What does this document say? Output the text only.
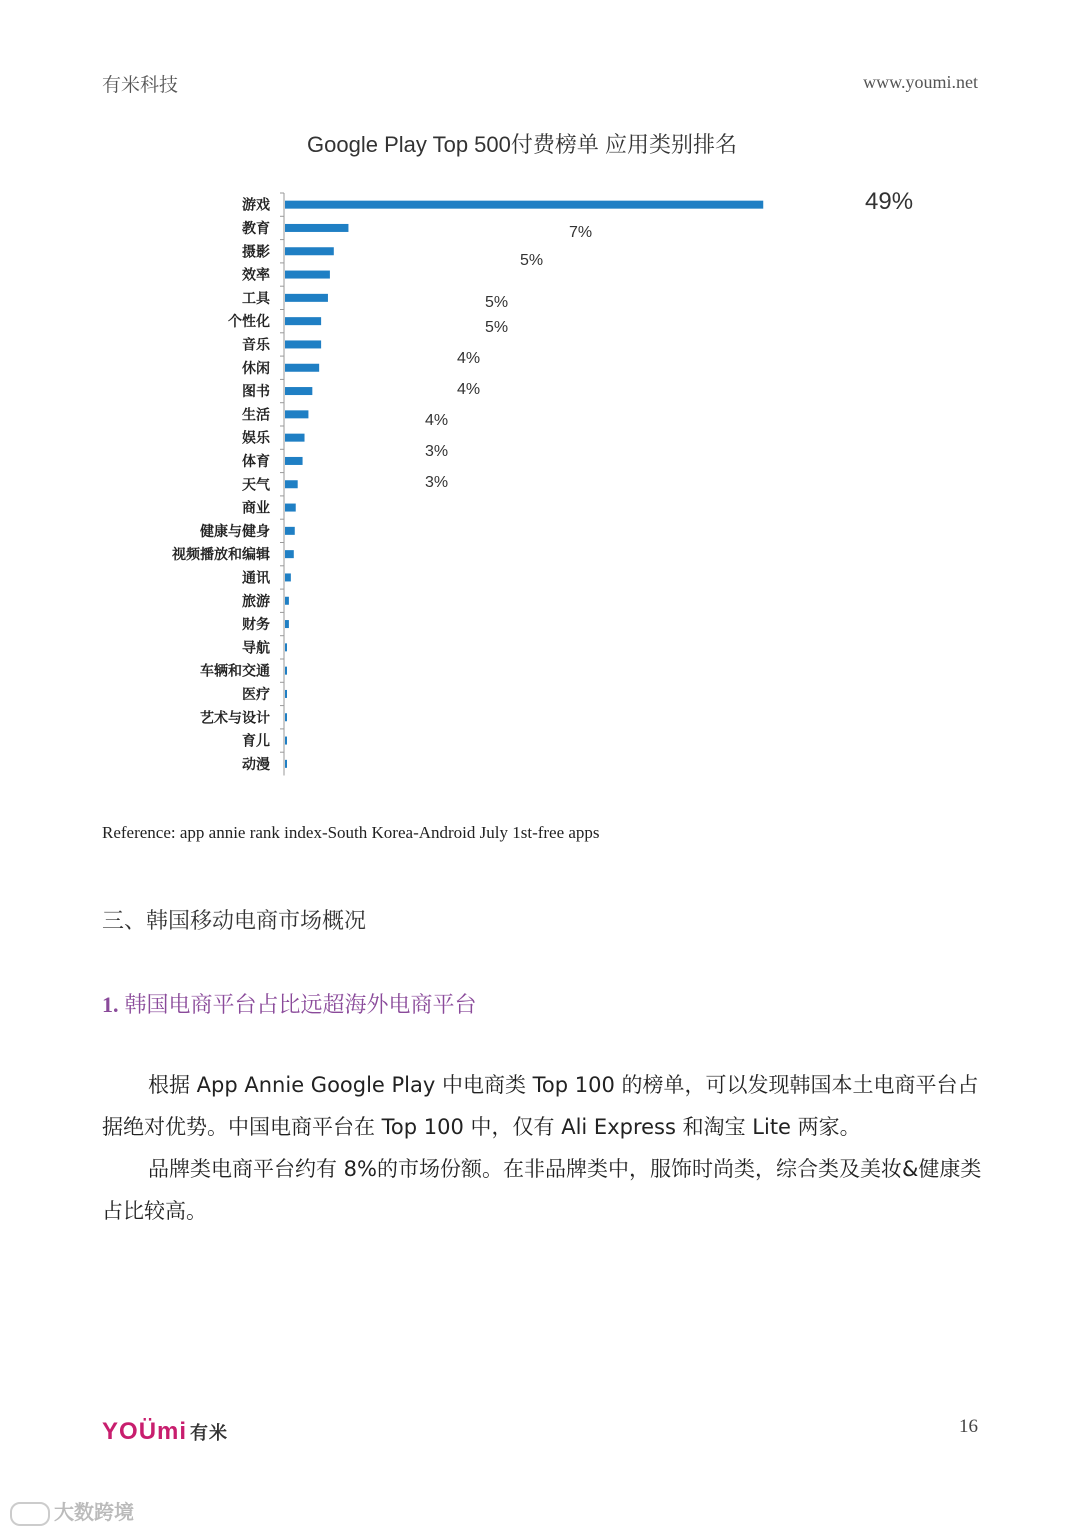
有米科技	www.youmi.net
Google Play Top 500付费榜单 应用类别排名
游戏
教育
摄影
效率
工具
个性化
音乐
休闲
图书
生活
娱乐
体育
天气
商业
健康与健身
视频播放和编辑
通讯
旅游
财务
导航
车辆和交通
医疗
艺术与设计
育儿
动漫
49%
7%
5%
5%
5%
4%
4%
4%
3%
3%
Reference: app annie rank index-South Korea-Android July 1st-free apps
三、韩国移动电商市场概况
1. 韩国电商平台占比远超海外电商平台

根据 App Annie Google Play 中电商类 Top 100 的榜单，可以发现韩国本土电商平台占据绝对优势。中国电商平台在 Top 100 中，仅有 Ali Express 和淘宝 Lite 两家。

品牌类电商平台约有 8%的市场份额。在非品牌类中，服饰时尚类，综合类及美妆&健康类占比较高。

YOÜmi 有米	16
大数跨境
